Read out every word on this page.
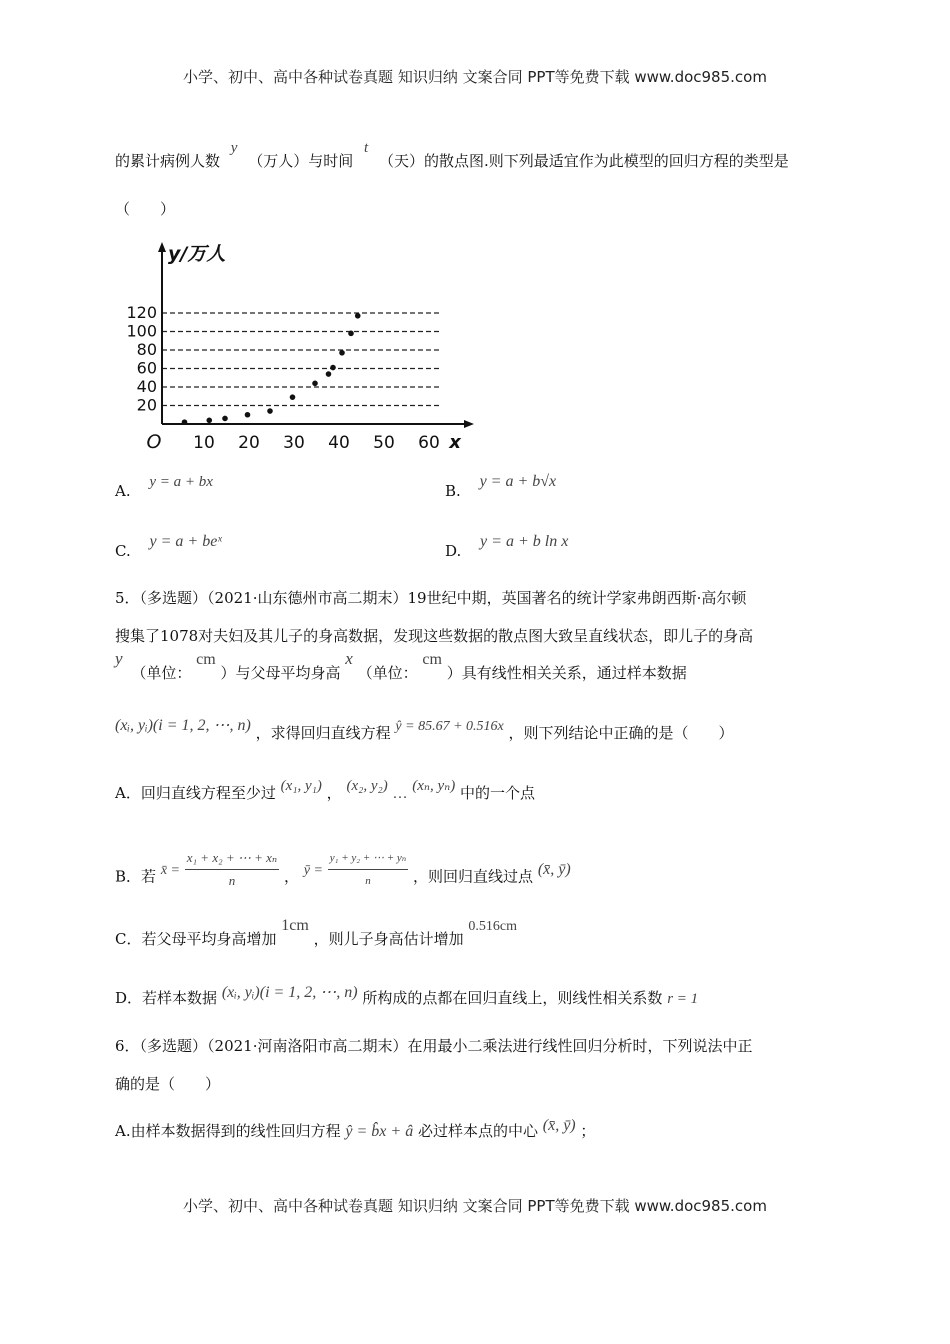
小学、初中、高中各种试卷真题 知识归纳 文案合同 PPT等免费下载 www.doc985.com
的累计病例人数 y （万人）与时间 t （天）的散点图.则下列最适宜作为此模型的回归方程的类型是
（　　）
20
40
60
80
100
120
10 20 30 40 50 60
O	x
y/万人
A. y = a + bx	B. y = a + b√x
C. y = a + beˣ
D. y = a + b ln x
5．（多选题）（2021·山东德州市高二期末）19世纪中期，英国著名的统计学家弗朗西斯·高尔顿
搜集了1078对夫妇及其儿子的身高数据，发现这些数据的散点图大致呈直线状态，即儿子的身高
y （单位： cm ）与父母平均身高 x （单位： cm ）具有线性相关关系，通过样本数据
(xᵢ, yᵢ)(i = 1, 2, ⋯, n) ，求得回归直线方程 ŷ = 85.67 + 0.516x ，则下列结论中正确的是（　　）
A．回归直线方程至少过 (x₁, y₁) ， (x₂, y₂) … (xₙ, yₙ) 中的一个点
B．若 x̄ = $\frac{\text{x₁ + x₂ + ⋯ + xₙ}}{n}$ ， ȳ = $\frac{\text{y₁ + y₂ + ⋯ + yₙ}}{n}$ ，则回归直线过点 (x̄, ȳ)
C．若父母平均身高增加 1cm ，则儿子身高估计增加 0.516cm
D．若样本数据 (xᵢ, yᵢ)(i = 1, 2, ⋯, n) 所构成的点都在回归直线上，则线性相关系数 r = 1
6．（多选题）（2021·河南洛阳市高二期末）在用最小二乘法进行线性回归分析时，下列说法中正
确的是（　　）
A.由样本数据得到的线性回归方程 ŷ = b̂x + â 必过样本点的中心 (x̄, ȳ) ；
小学、初中、高中各种试卷真题 知识归纳 文案合同 PPT等免费下载 www.doc985.com
